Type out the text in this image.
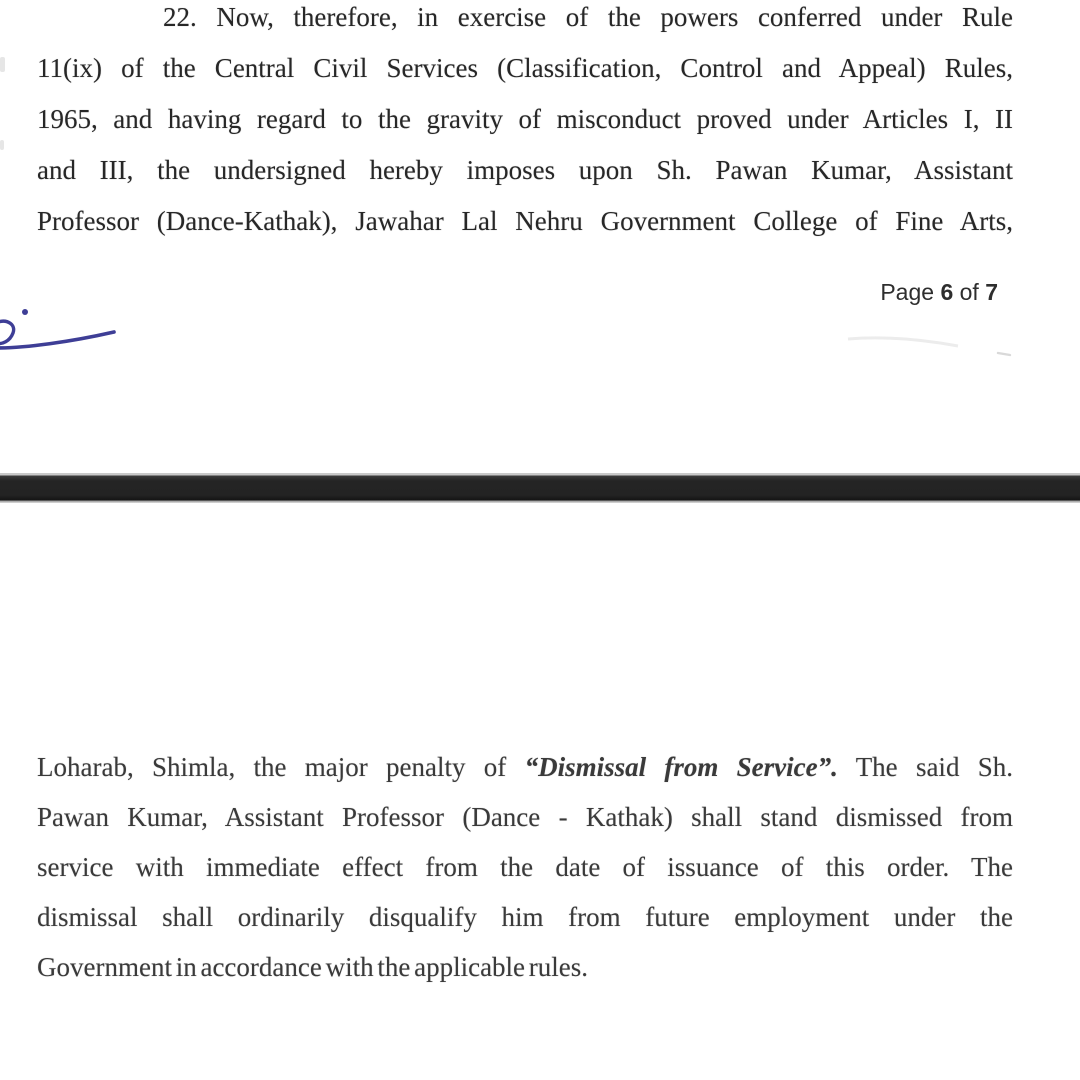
22. Now, therefore, in exercise of the powers conferred under Rule
11(ix) of the Central Civil Services (Classification, Control and Appeal) Rules,
1965, and having regard to the gravity of misconduct proved under Articles I, II
and III, the undersigned hereby imposes upon Sh. Pawan Kumar, Assistant
Professor (Dance-Kathak), Jawahar Lal Nehru Government College of Fine Arts,
Page 6 of 7
Loharab, Shimla, the major penalty of “Dismissal from Service”. The said Sh.
Pawan Kumar, Assistant Professor (Dance - Kathak) shall stand dismissed from
service with immediate effect from the date of issuance of this order. The
dismissal shall ordinarily disqualify him from future employment under the
Government in accordance with the applicable rules.
